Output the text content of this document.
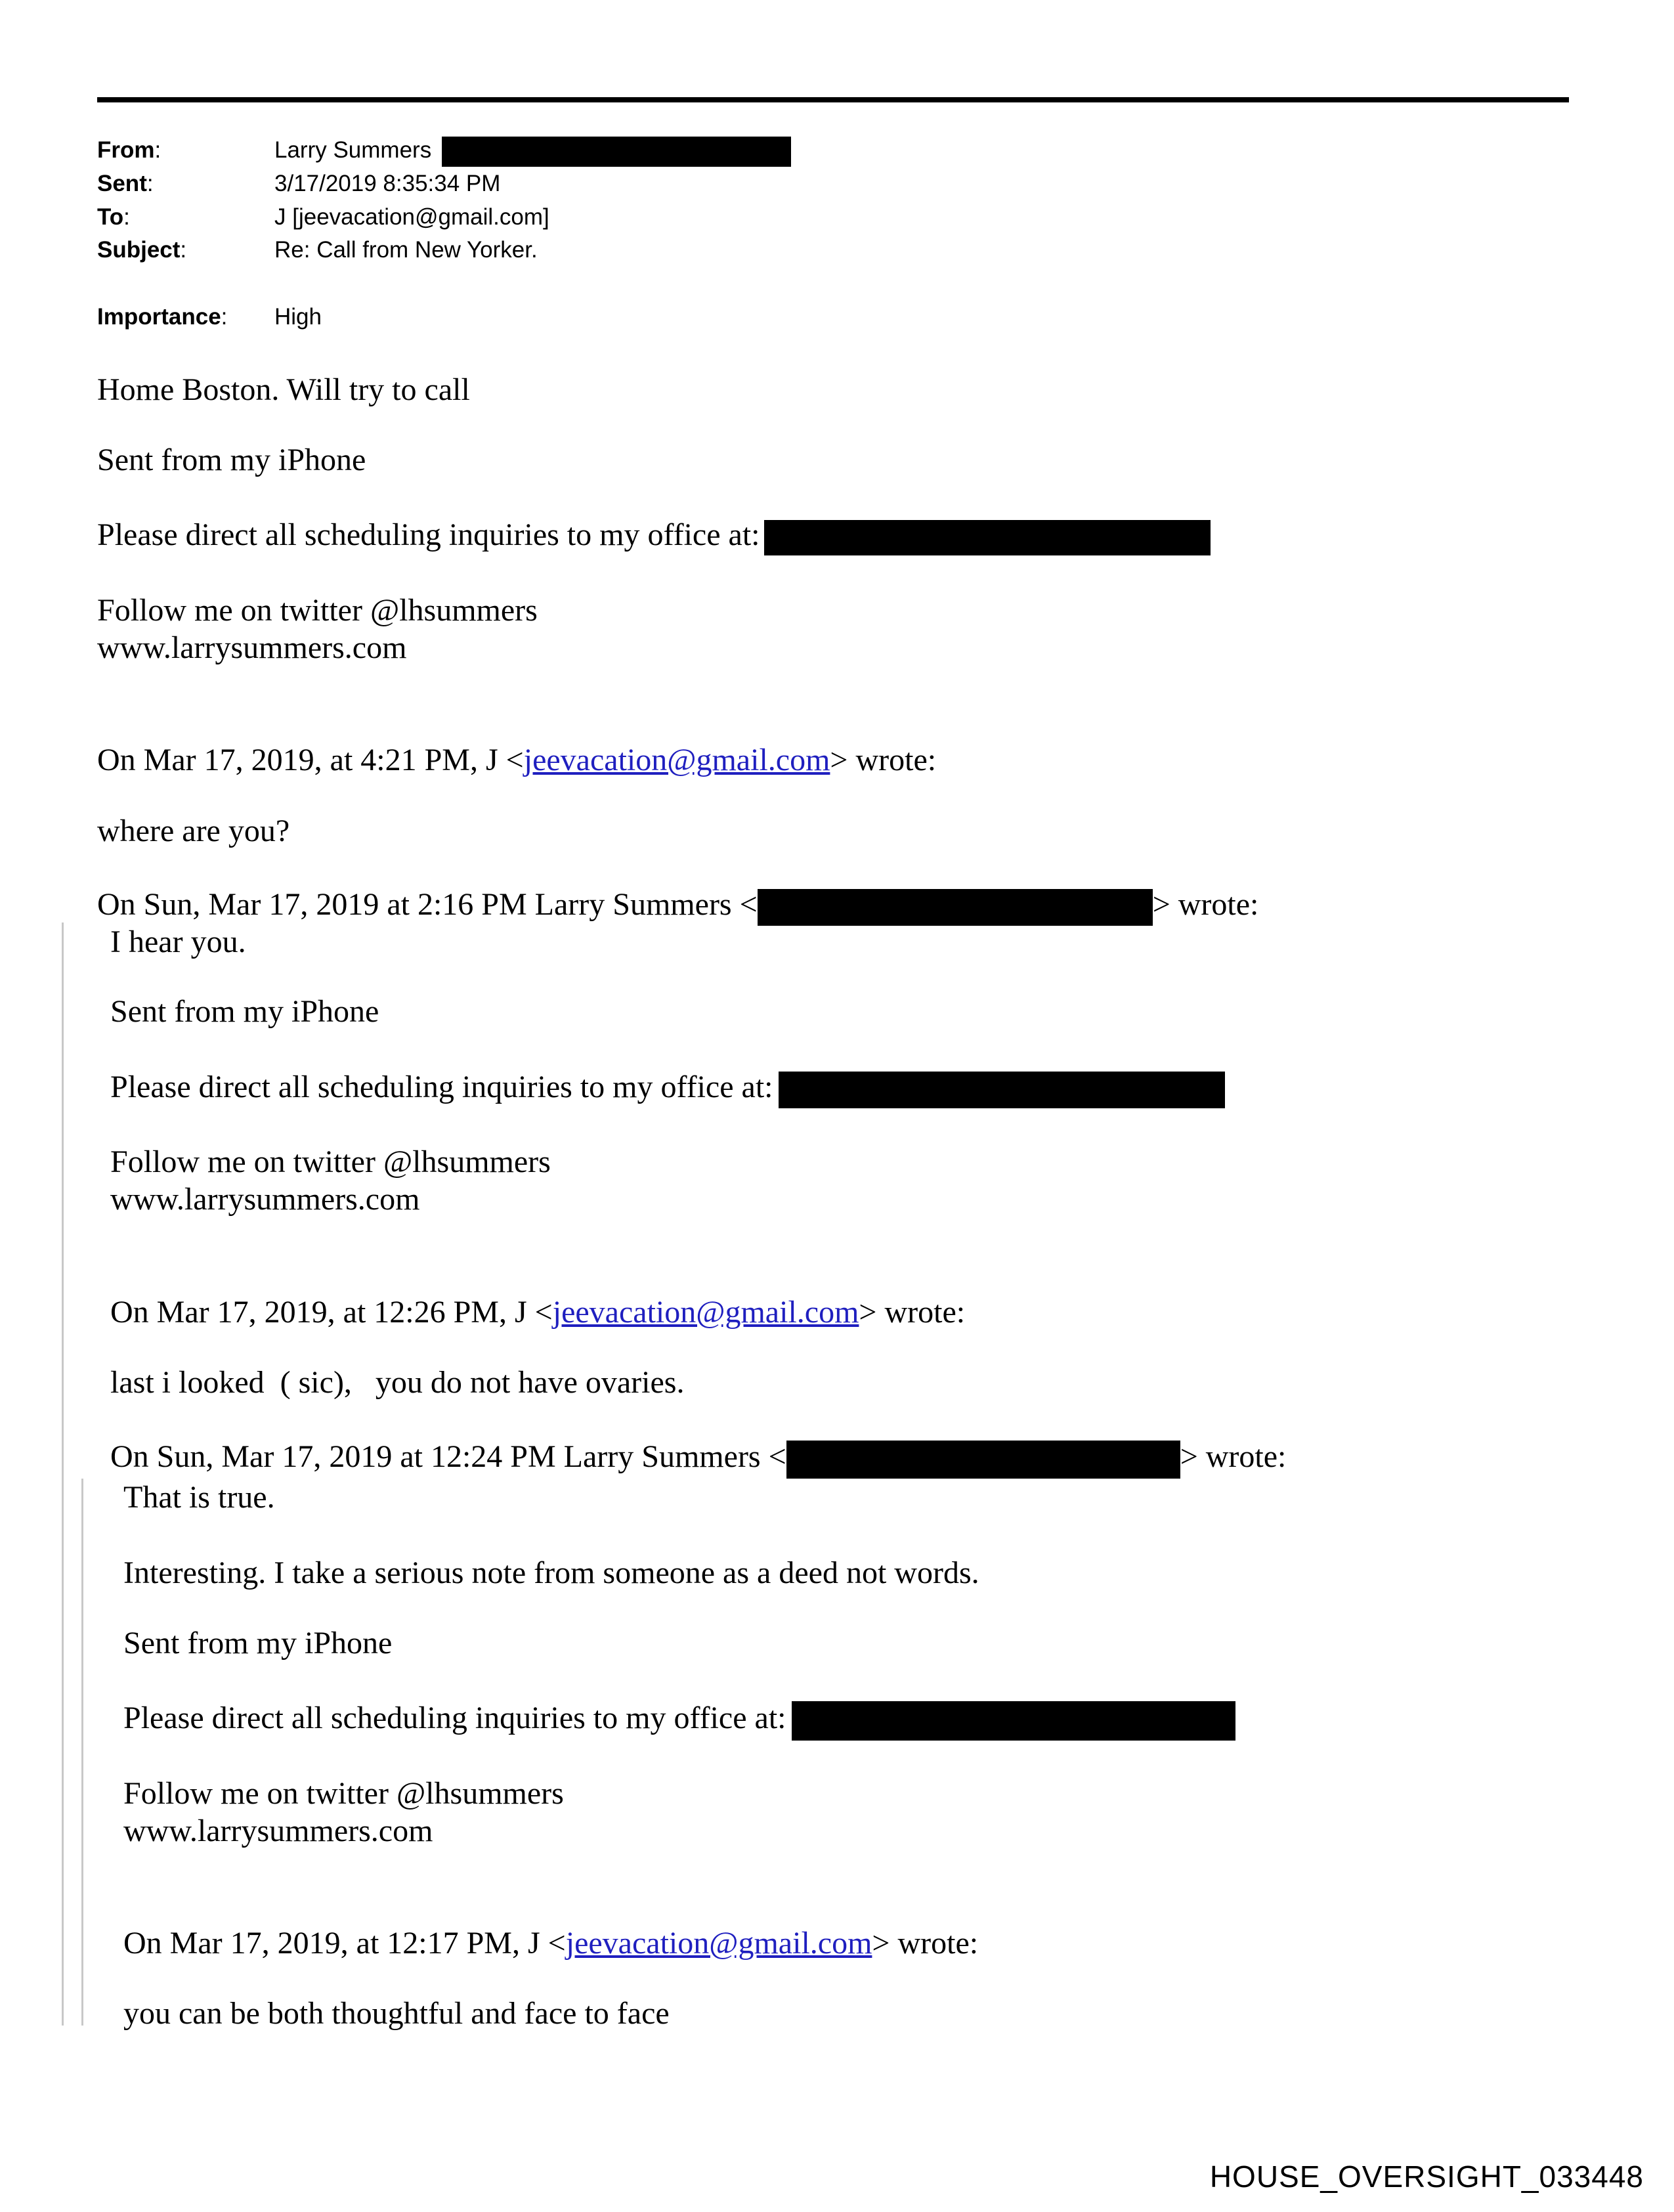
From:	Larry Summers
Sent:	3/17/2019 8:35:34 PM
To:	J [jeevacation@gmail.com]
Subject:	Re: Call from New Yorker.
Importance: High
Home Boston. Will try to call
Sent from my iPhone
Please direct all scheduling inquiries to my office at:
Follow me on twitter @lhsummers
www.larrysummers.com
On Mar 17, 2019, at 4:21 PM, J <jeevacation@gmail.com> wrote:
where are you?
On Sun, Mar 17, 2019 at 2:16 PM Larry Summers <	> wrote:
I hear you.
Sent from my iPhone
Please direct all scheduling inquiries to my office at:
Follow me on twitter @lhsummers
www.larrysummers.com
On Mar 17, 2019, at 12:26 PM, J <jeevacation@gmail.com> wrote:
last i looked  ( sic),   you do not have ovaries.
On Sun, Mar 17, 2019 at 12:24 PM Larry Summers <	> wrote:
That is true.
Interesting. I take a serious note from someone as a deed not words.
Sent from my iPhone
Please direct all scheduling inquiries to my office at:
Follow me on twitter @lhsummers
www.larrysummers.com
On Mar 17, 2019, at 12:17 PM, J <jeevacation@gmail.com> wrote:
you can be both thoughtful and face to face
HOUSE_OVERSIGHT_033448
